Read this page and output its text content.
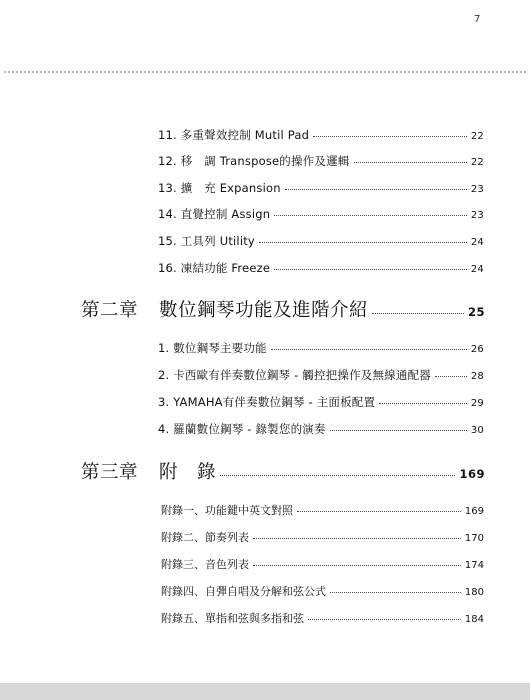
7
11. 多重聲效控制 Mutil Pad	22
12. 移　調 Transpose的操作及邏輯	22
13. 擴　充 Expansion	23
14. 直覺控制 Assign	23
15. 工具列 Utility	24
16. 凍結功能 Freeze	24
第二章 數位鋼琴功能及進階介紹	25
1. 數位鋼琴主要功能	26
2. 卡西歐有伴奏數位鋼琴 - 觸控把操作及無線通配器	28
3. YAMAHA有伴奏數位鋼琴 - 主面板配置	29
4. 羅蘭數位鋼琴 - 錄製您的演奏	30
第三章 附　錄	169
附錄一、功能鍵中英文對照	169
附錄二、節奏列表	170
附錄三、音色列表	174
附錄四、自彈自唱及分解和弦公式	180
附錄五、單指和弦與多指和弦	184
